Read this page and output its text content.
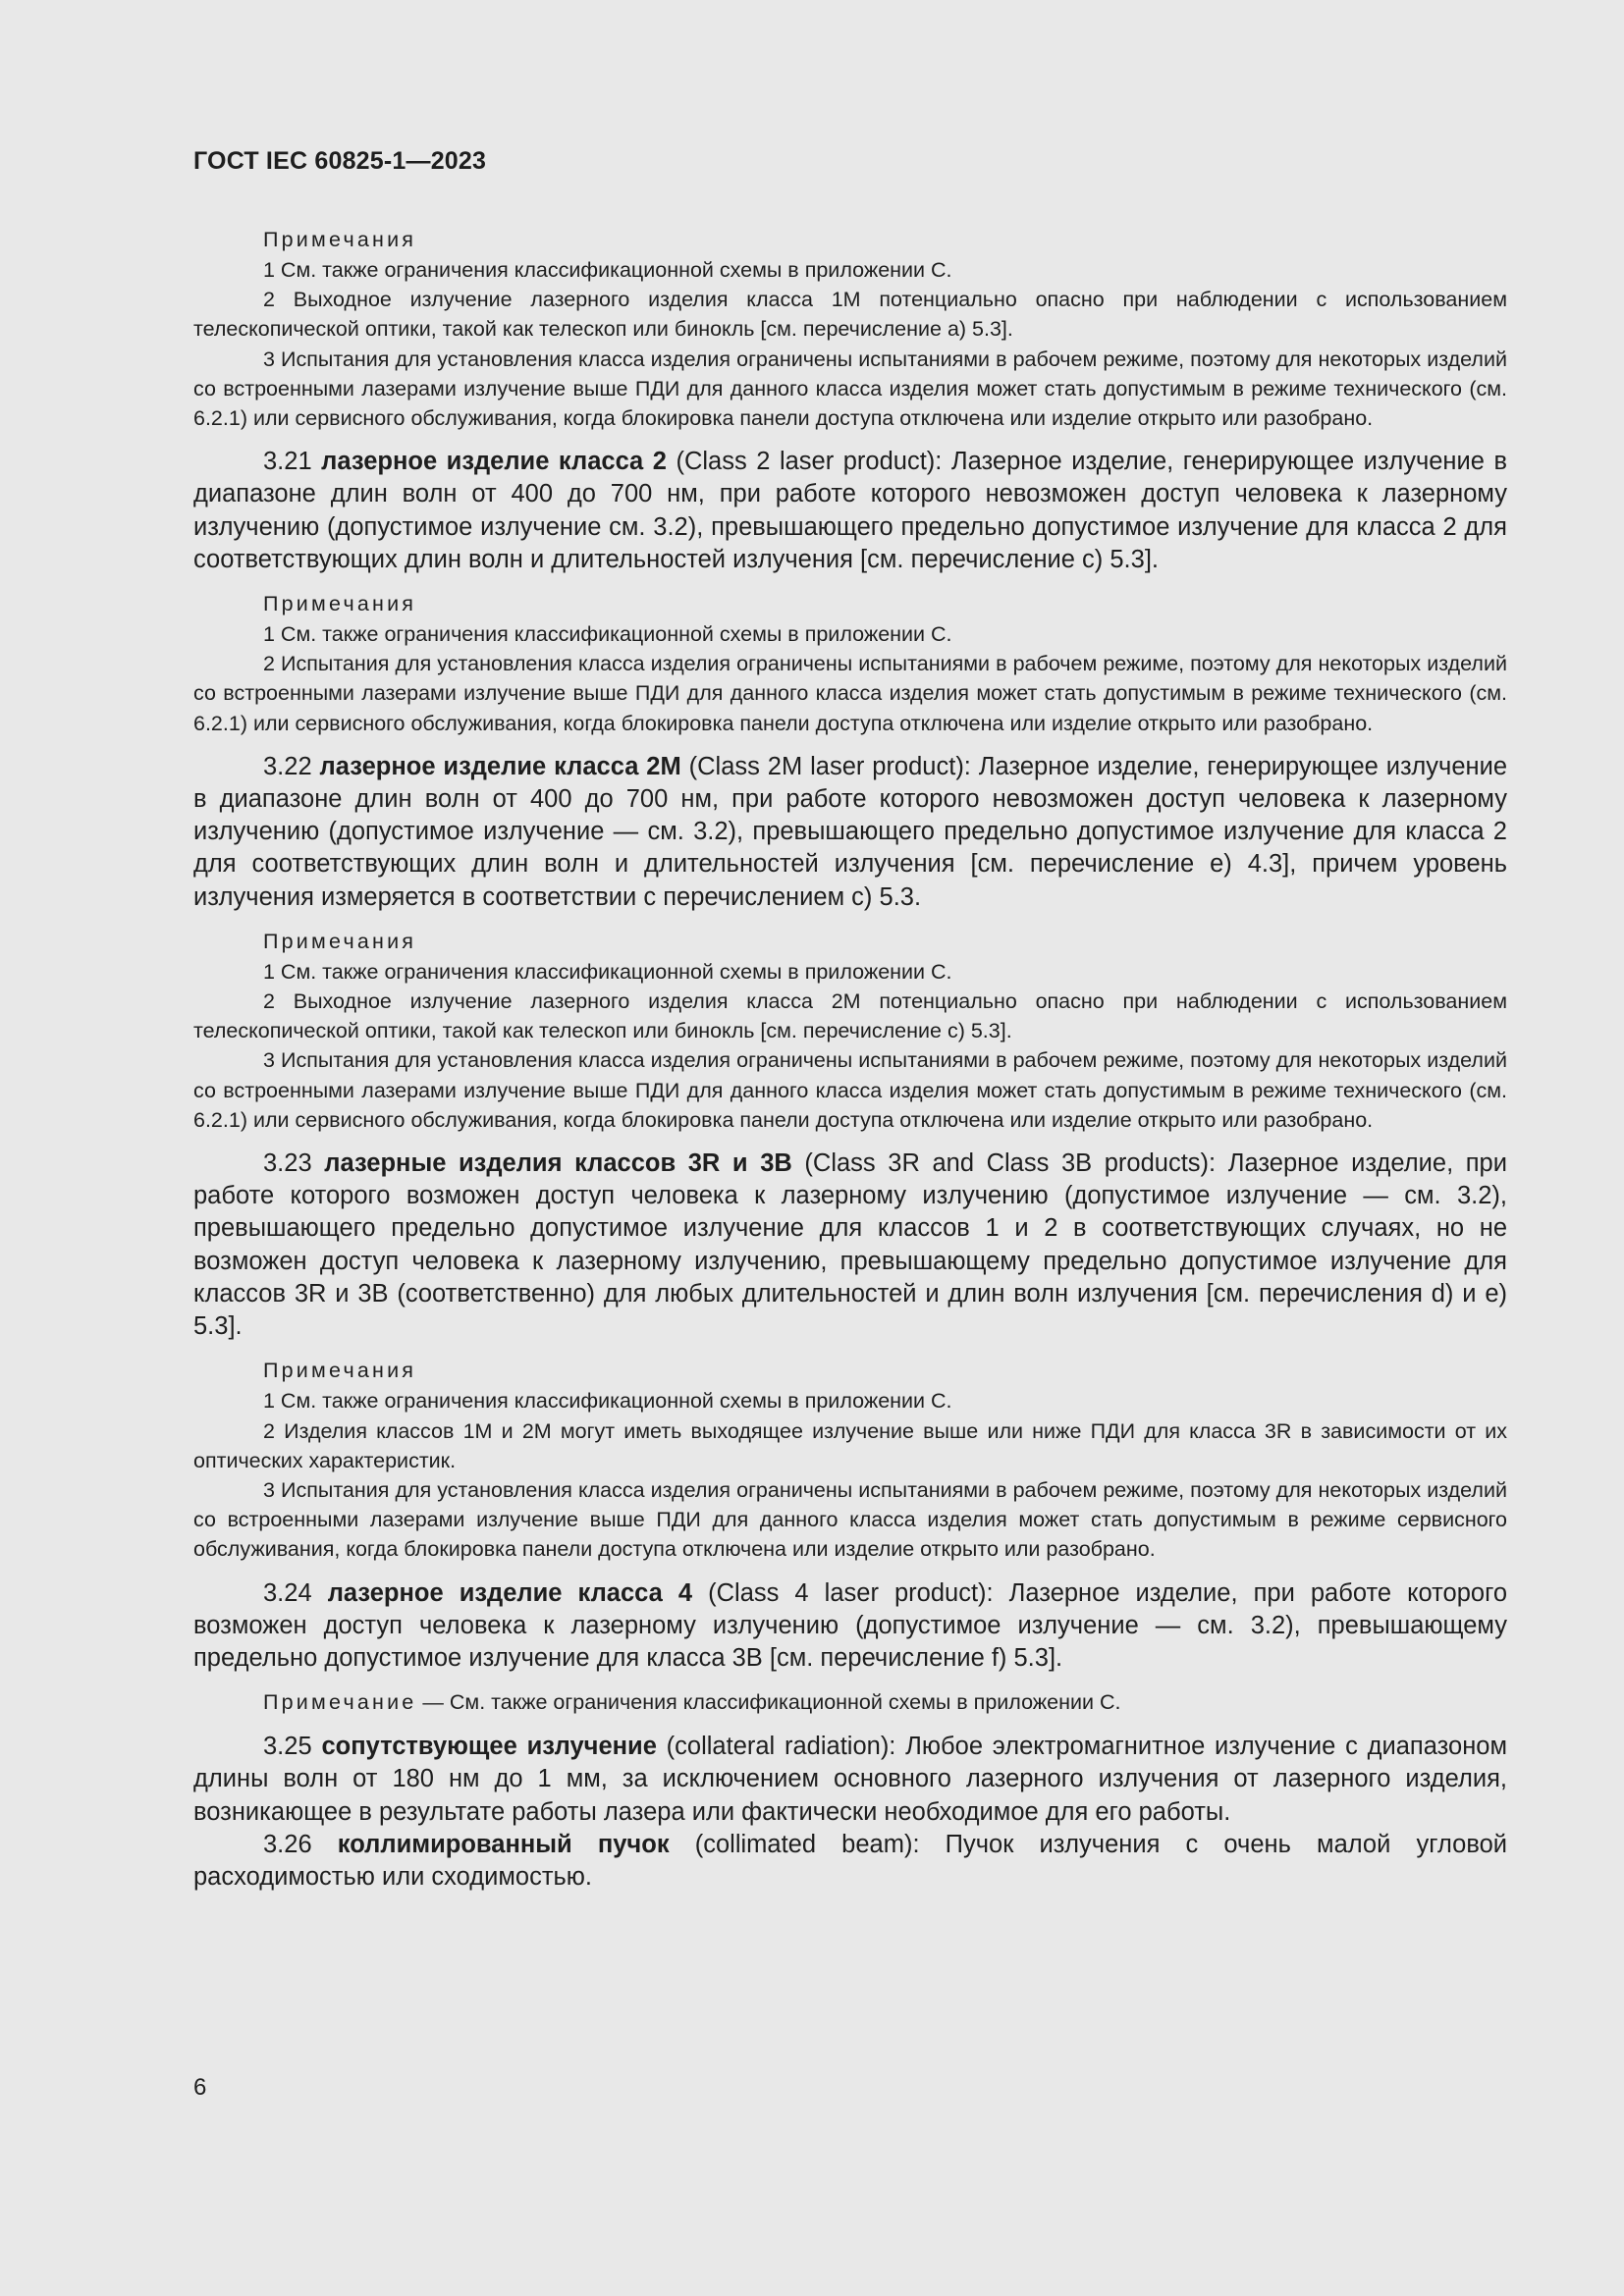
ГОСТ IEC 60825-1—2023
Примечания
1 См. также ограничения классификационной схемы в приложении C.
2 Выходное излучение лазерного изделия класса 1М потенциально опасно при наблюдении с использованием телескопической оптики, такой как телескоп или бинокль [см. перечисление a) 5.3].
3 Испытания для установления класса изделия ограничены испытаниями в рабочем режиме, поэтому для некоторых изделий со встроенными лазерами излучение выше ПДИ для данного класса изделия может стать допустимым в режиме технического (см. 6.2.1) или сервисного обслуживания, когда блокировка панели доступа отключена или изделие открыто или разобрано.

3.21 лазерное изделие класса 2 (Class 2 laser product): Лазерное изделие, генерирующее излучение в диапазоне длин волн от 400 до 700 нм, при работе которого невозможен доступ человека к лазерному излучению (допустимое излучение см. 3.2), превышающего предельно допустимое излучение для класса 2 для соответствующих длин волн и длительностей излучения [см. перечисление c) 5.3].

Примечания
1 См. также ограничения классификационной схемы в приложении C.
2 Испытания для установления класса изделия ограничены испытаниями в рабочем режиме, поэтому для некоторых изделий со встроенными лазерами излучение выше ПДИ для данного класса изделия может стать допустимым в режиме технического (см. 6.2.1) или сервисного обслуживания, когда блокировка панели доступа отключена или изделие открыто или разобрано.

3.22 лазерное изделие класса 2М (Class 2M laser product): Лазерное изделие, генерирующее излучение в диапазоне длин волн от 400 до 700 нм, при работе которого невозможен доступ человека к лазерному излучению (допустимое излучение — см. 3.2), превышающего предельно допустимое излучение для класса 2 для соответствующих длин волн и длительностей излучения [см. перечисление e) 4.3], причем уровень излучения измеряется в соответствии с перечислением c) 5.3.

Примечания
1 См. также ограничения классификационной схемы в приложении C.
2 Выходное излучение лазерного изделия класса 2М потенциально опасно при наблюдении с использованием телескопической оптики, такой как телескоп или бинокль [см. перечисление c) 5.3].
3 Испытания для установления класса изделия ограничены испытаниями в рабочем режиме, поэтому для некоторых изделий со встроенными лазерами излучение выше ПДИ для данного класса изделия может стать допустимым в режиме технического (см. 6.2.1) или сервисного обслуживания, когда блокировка панели доступа отключена или изделие открыто или разобрано.

3.23 лазерные изделия классов 3R и 3B (Class 3R and Class 3B products): Лазерное изделие, при работе которого возможен доступ человека к лазерному излучению (допустимое излучение — см. 3.2), превышающего предельно допустимое излучение для классов 1 и 2 в соответствующих случаях, но не возможен доступ человека к лазерному излучению, превышающему предельно допустимое излучение для классов 3R и 3B (соответственно) для любых длительностей и длин волн излучения [см. перечисления d) и e) 5.3].

Примечания
1 См. также ограничения классификационной схемы в приложении C.
2 Изделия классов 1М и 2М могут иметь выходящее излучение выше или ниже ПДИ для класса 3R в зависимости от их оптических характеристик.
3 Испытания для установления класса изделия ограничены испытаниями в рабочем режиме, поэтому для некоторых изделий со встроенными лазерами излучение выше ПДИ для данного класса изделия может стать допустимым в режиме сервисного обслуживания, когда блокировка панели доступа отключена или изделие открыто или разобрано.

3.24 лазерное изделие класса 4 (Class 4 laser product): Лазерное изделие, при работе которого возможен доступ человека к лазерному излучению (допустимое излучение — см. 3.2), превышающему предельно допустимое излучение для класса 3B [см. перечисление f) 5.3].

Примечание — См. также ограничения классификационной схемы в приложении C.

3.25 сопутствующее излучение (collateral radiation): Любое электромагнитное излучение с диапазоном длины волн от 180 нм до 1 мм, за исключением основного лазерного излучения от лазерного изделия, возникающее в результате работы лазера или фактически необходимое для его работы.

3.26 коллимированный пучок (collimated beam): Пучок излучения с очень малой угловой расходимостью или сходимостью.

6
